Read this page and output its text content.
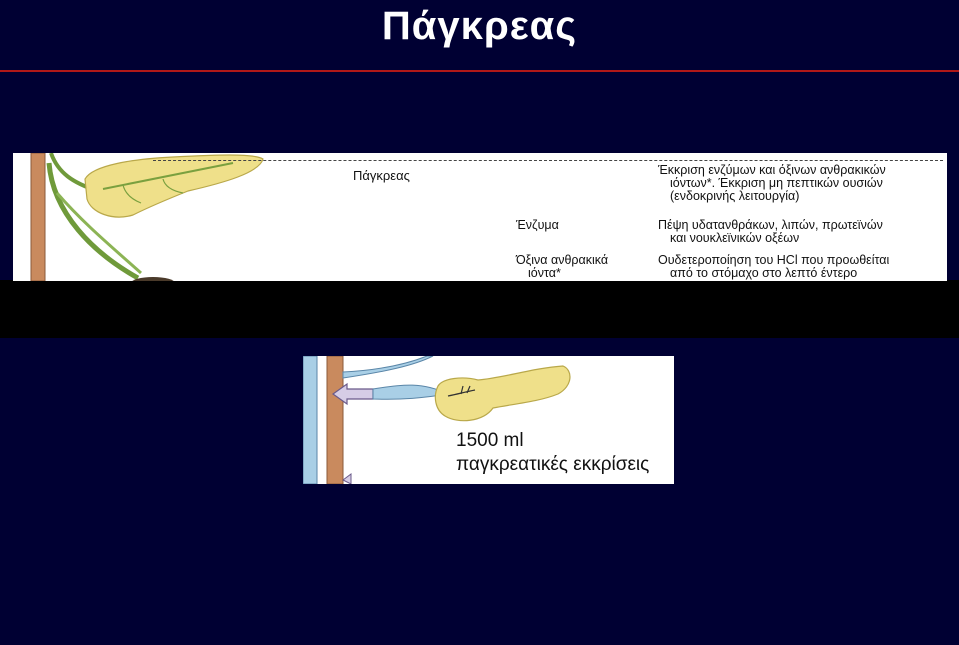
Πάγκρεας
Πάγκρεας	Έκκριση ενζύμων και όξινων ανθρακικών
ιόντων*. Έκκριση μη πεπτικών ουσιών
(ενδοκρινής λειτουργία)
Ένζυμα	Πέψη υδατανθράκων, λιπών, πρωτεϊνών
και νουκλεϊνικών οξέων
Όξινα ανθρακικά
ιόντα*
Ουδετεροποίηση του HCl που προωθείται
από το στόμαχο στο λεπτό έντερο
1500 ml
παγκρεατικές εκκρίσεις
